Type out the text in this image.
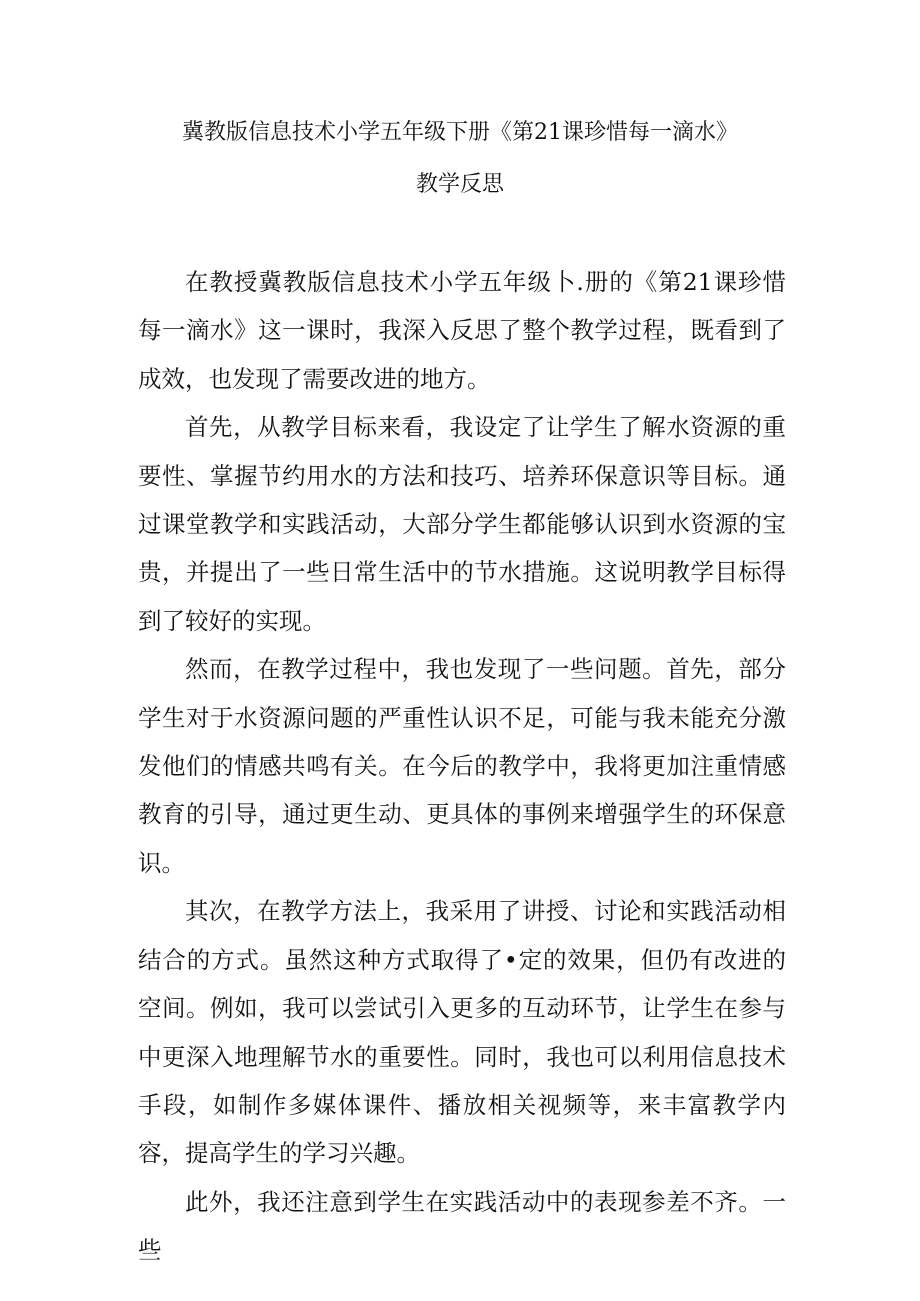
冀教版信息技术小学五年级下册《第21课珍惜每一滴水》
教学反思

在教授冀教版信息技术小学五年级卜.册的《第21课珍惜每一滴水》这一课时，我深入反思了整个教学过程，既看到了成效，也发现了需要改进的地方。

首先，从教学目标来看，我设定了让学生了解水资源的重要性、掌握节约用水的方法和技巧、培养环保意识等目标。通过课堂教学和实践活动，大部分学生都能够认识到水资源的宝贵，并提出了一些日常生活中的节水措施。这说明教学目标得到了较好的实现。

然而，在教学过程中，我也发现了一些问题。首先，部分学生对于水资源问题的严重性认识不足，可能与我未能充分激发他们的情感共鸣有关。在今后的教学中，我将更加注重情感教育的引导，通过更生动、更具体的事例来增强学生的环保意识。

其次，在教学方法上，我采用了讲授、讨论和实践活动相结合的方式。虽然这种方式取得了•定的效果，但仍有改进的空间。例如，我可以尝试引入更多的互动环节，让学生在参与中更深入地理解节水的重要性。同时，我也可以利用信息技术手段，如制作多媒体课件、播放相关视频等，来丰富教学内容，提高学生的学习兴趣。

此外，我还注意到学生在实践活动中的表现参差不齐。一些
